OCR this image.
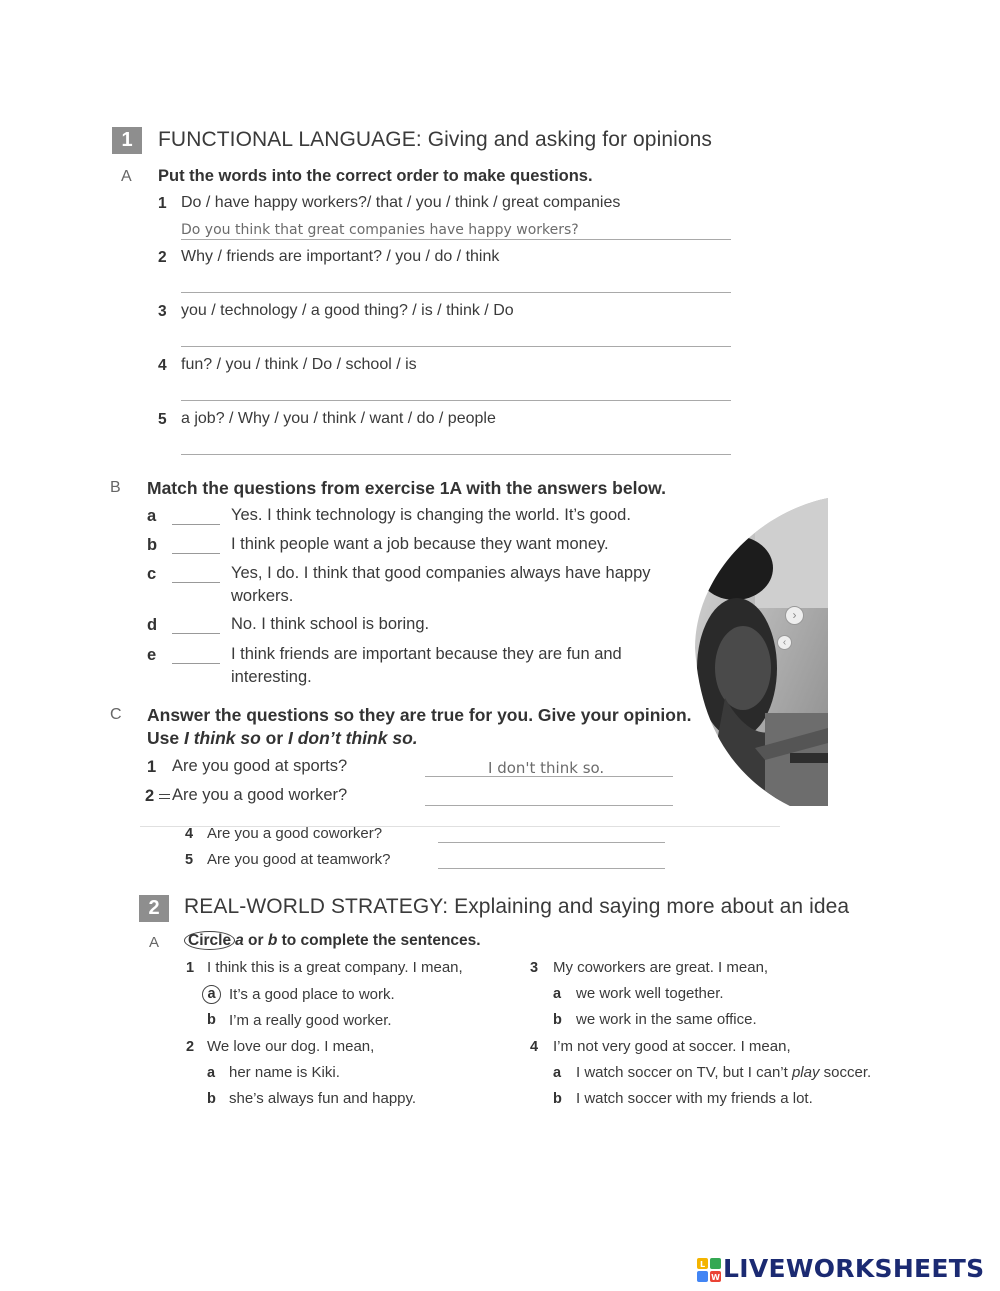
1	FUNCTIONAL LANGUAGE: Giving and asking for opinions
A Put the words into the correct order to make questions.
1 Do / have happy workers?/ that / you / think / great companies
Do you think that great companies have happy workers?
2 Why / friends are important? / you / do / think
3 you / technology / a good thing? / is / think / Do
4 fun? / you / think / Do / school / is
5 a job? / Why / you / think / want / do / people
B Match the questions from exercise 1A with the answers below.
a	Yes. I think technology is changing the world. It’s good.
b	I think people want a job because they want money.
c	Yes, I do. I think that good companies always have happy
workers.
d	No. I think school is boring.
e	I think friends are important because they are fun and
interesting.
›
‹
C Answer the questions so they are true for you. Give your opinion.
Use I think so or I don’t think so.
1 Are you good at sports?	I don't think so.
2 Are you a good worker?
4 Are you a good coworker?
5 Are you good at teamwork?
2	REAL-WORLD STRATEGY: Explaining and saying more about an idea
A Circle a or b to complete the sentences.
1 I think this is a great company. I mean,
a It’s a good place to work.
b I’m a really good worker.
2 We love our dog. I mean,
a her name is Kiki.
b she’s always fun and happy.
3 My coworkers are great. I mean,
a we work well together.
b we work in the same office.
4 I’m not very good at soccer. I mean,
a I watch soccer on TV, but I can’t play soccer.
b I watch soccer with my friends a lot.
L
W LIVEWORKSHEETS
